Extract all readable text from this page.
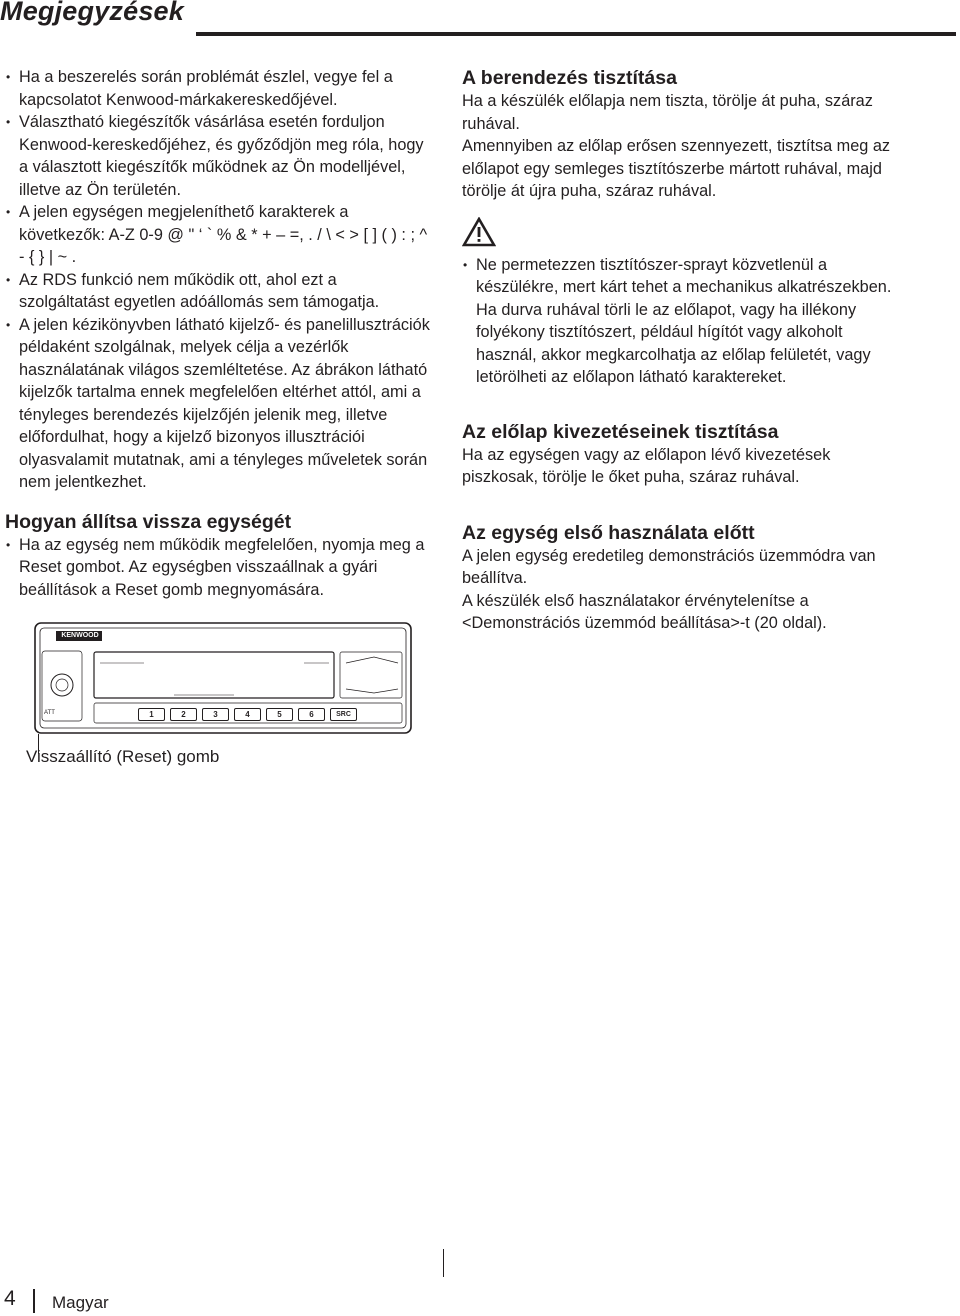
Megjegyzések
• Ha a beszerelés során problémát észlel, vegye fel a kapcsolatot Kenwood-márkakereskedőjével.
• Választható kiegészítők vásárlása esetén forduljon Kenwood-kereskedőjéhez, és győződjön meg róla, hogy a választott kiegészítők működnek az Ön modelljével, illetve az Ön területén.
• A jelen egységen megjeleníthető karakterek a következők: A-Z 0-9 @ " ‘ ` % & * + – =, . / \ < > [ ] ( ) : ; ^ - { } | ~ .
• Az RDS funkció nem működik ott, ahol ezt a szolgáltatást egyetlen adóállomás sem támogatja.
• A jelen kézikönyvben látható kijelző- és panelillusztrációk példaként szolgálnak, melyek célja a vezérlők használatának világos szemléltetése. Az ábrákon látható kijelzők tartalma ennek megfelelően eltérhet attól, ami a tényleges berendezés kijelzőjén jelenik meg, illetve előfordulhat, hogy a kijelző bizonyos illusztrációi olyasvalamit mutatnak, ami a tényleges műveletek során nem jelentkezhet.
Hogyan állítsa vissza egységét
• Ha az egység nem működik megfelelően, nyomja meg a Reset gombot. Az egységben visszaállnak a gyári beállítások a Reset gomb megnyomására.
A berendezés tisztítása

Ha a készülék előlapja nem tiszta, törölje át puha, száraz ruhával.

Amennyiben az előlap erősen szennyezett, tisztítsa meg az előlapot egy semleges tisztítószerbe mártott ruhával, majd törölje át újra puha, száraz ruhával.

• Ne permetezzen tisztítószer-sprayt közvetlenül a készülékre, mert kárt tehet a mechanikus alkatrészekben. Ha durva ruhával törli le az előlapot, vagy ha illékony folyékony tisztítószert, például hígítót vagy alkoholt használ, akkor megkarcolhatja az előlap felületét, vagy letörölheti az előlapon látható karaktereket.
Az előlap kivezetéseinek tisztítása

Ha az egységen vagy az előlapon lévő kivezetések piszkosak, törölje le őket puha, száraz ruhával.

Az egység első használata előtt

A jelen egység eredetileg demonstrációs üzemmódra van beállítva.

A készülék első használatakor érvénytelenítse a <Demonstrációs üzemmód beállítása>-t (20 oldal).

KENWOOD
1	2	3	4	5	6	SRC
ATT
Visszaállító (Reset) gomb
4 Magyar
